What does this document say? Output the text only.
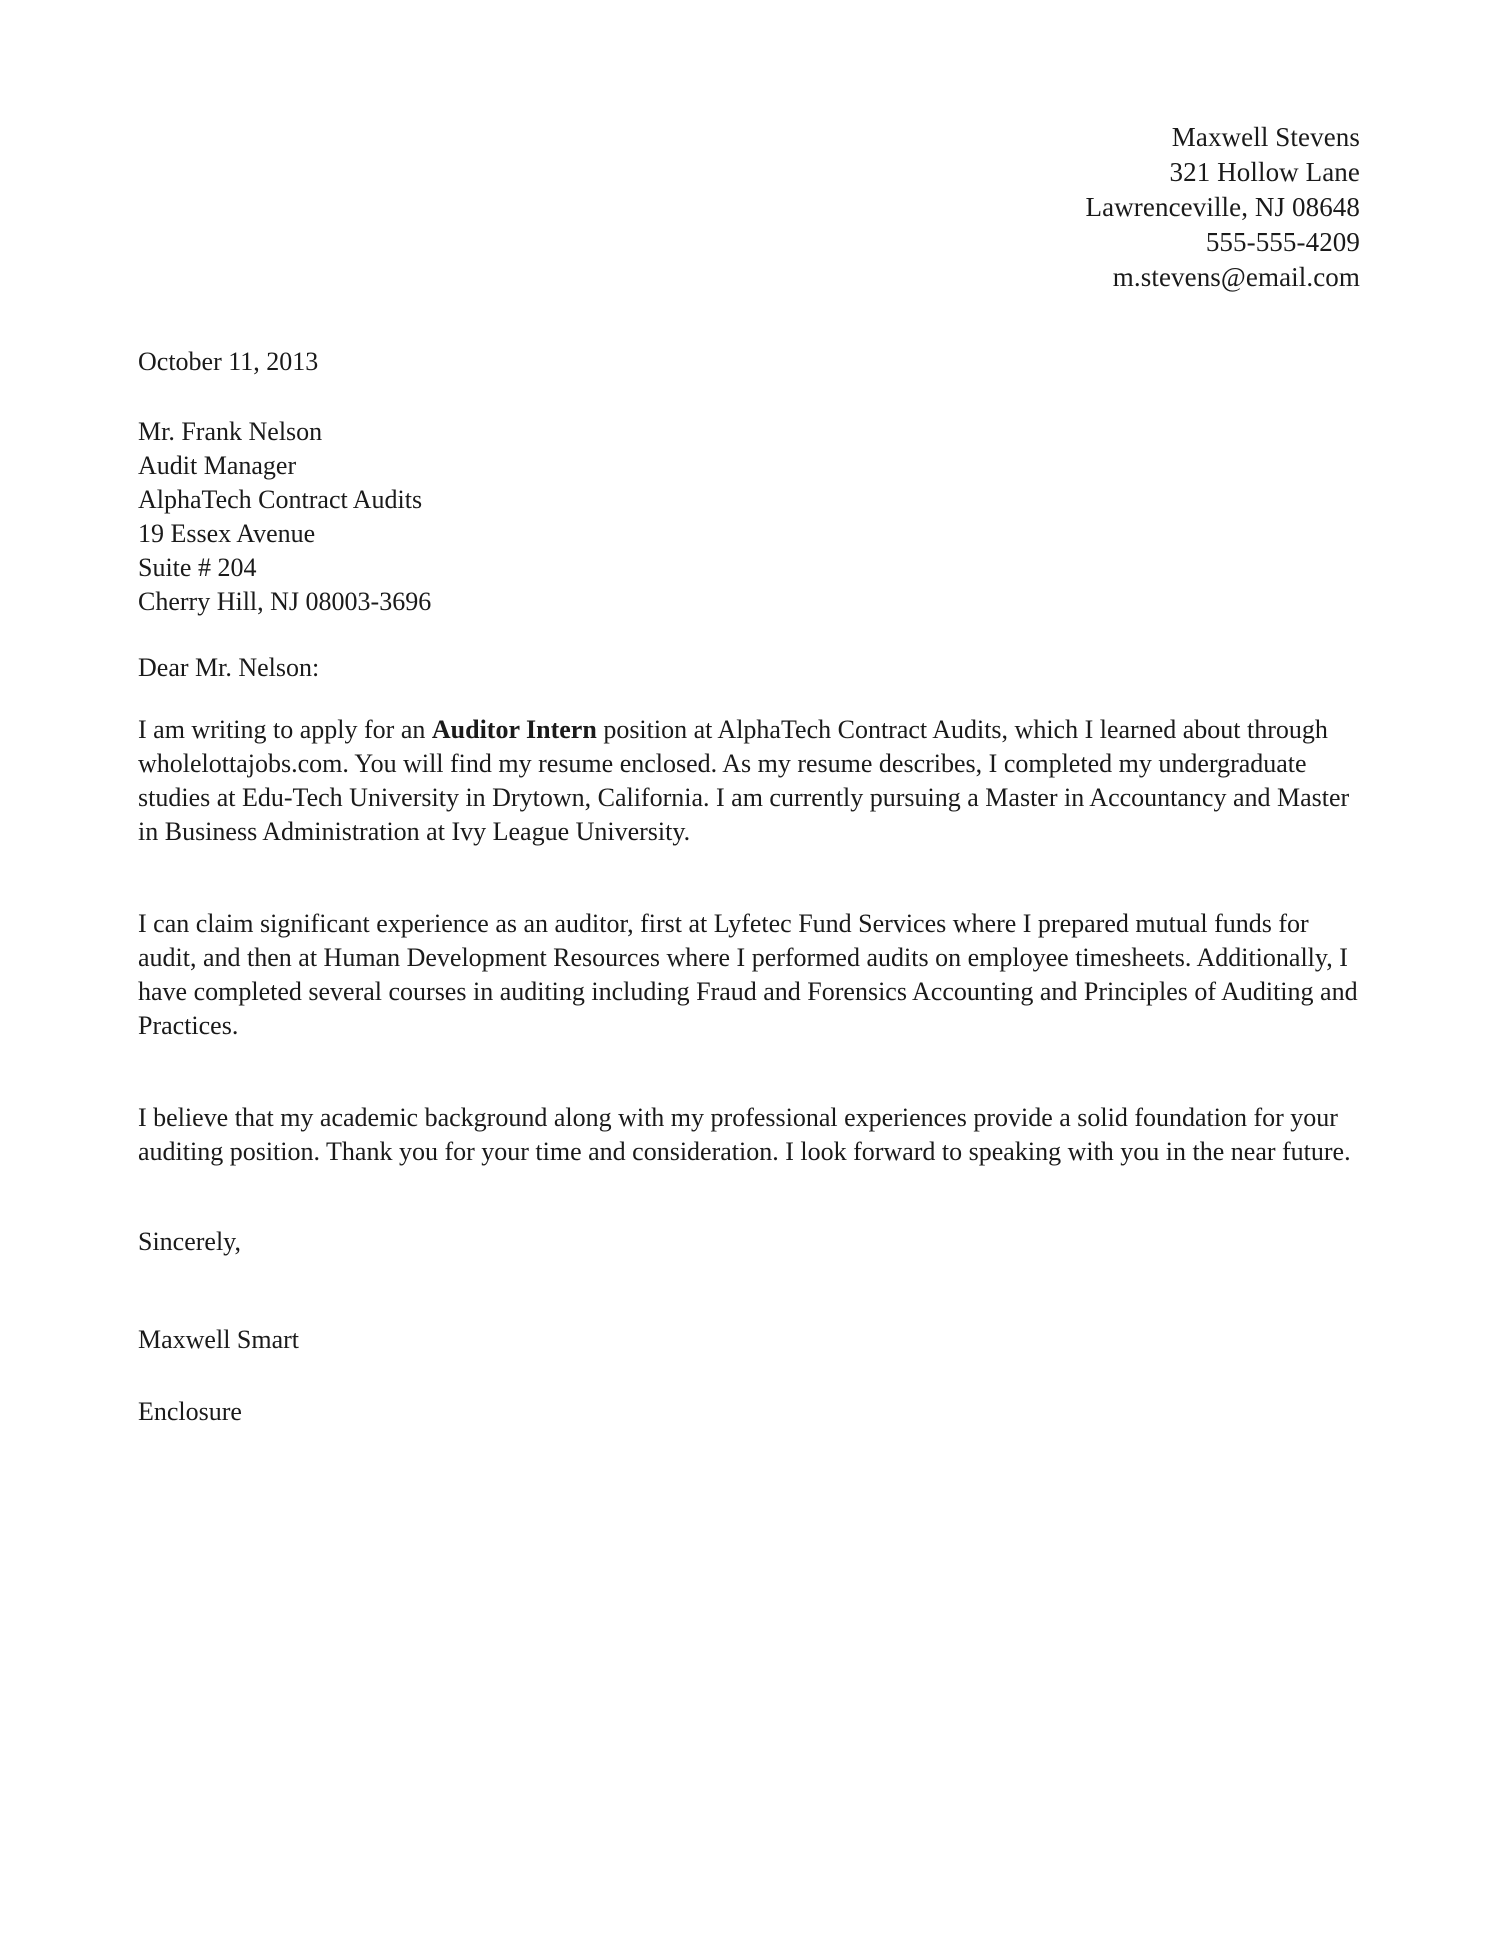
Maxwell Stevens
321 Hollow Lane
Lawrenceville, NJ 08648
555-555-4209
m.stevens@email.com
October 11, 2013
Mr. Frank Nelson
Audit Manager
AlphaTech Contract Audits
19 Essex Avenue
Suite # 204
Cherry Hill, NJ 08003-3696
Dear Mr. Nelson:

I am writing to apply for an Auditor Intern position at AlphaTech Contract Audits, which I learned about through wholelottajobs.com. You will find my resume enclosed. As my resume describes, I completed my undergraduate studies at Edu-Tech University in Drytown, California. I am currently pursuing a Master in Accountancy and Master in Business Administration at Ivy League University.

I can claim significant experience as an auditor, first at Lyfetec Fund Services where I prepared mutual funds for audit, and then at Human Development Resources where I performed audits on employee timesheets. Additionally, I have completed several courses in auditing including Fraud and Forensics Accounting and Principles of Auditing and Practices.

I believe that my academic background along with my professional experiences provide a solid foundation for your auditing position. Thank you for your time and consideration. I look forward to speaking with you in the near future.

Sincerely,
Maxwell Smart
Enclosure
